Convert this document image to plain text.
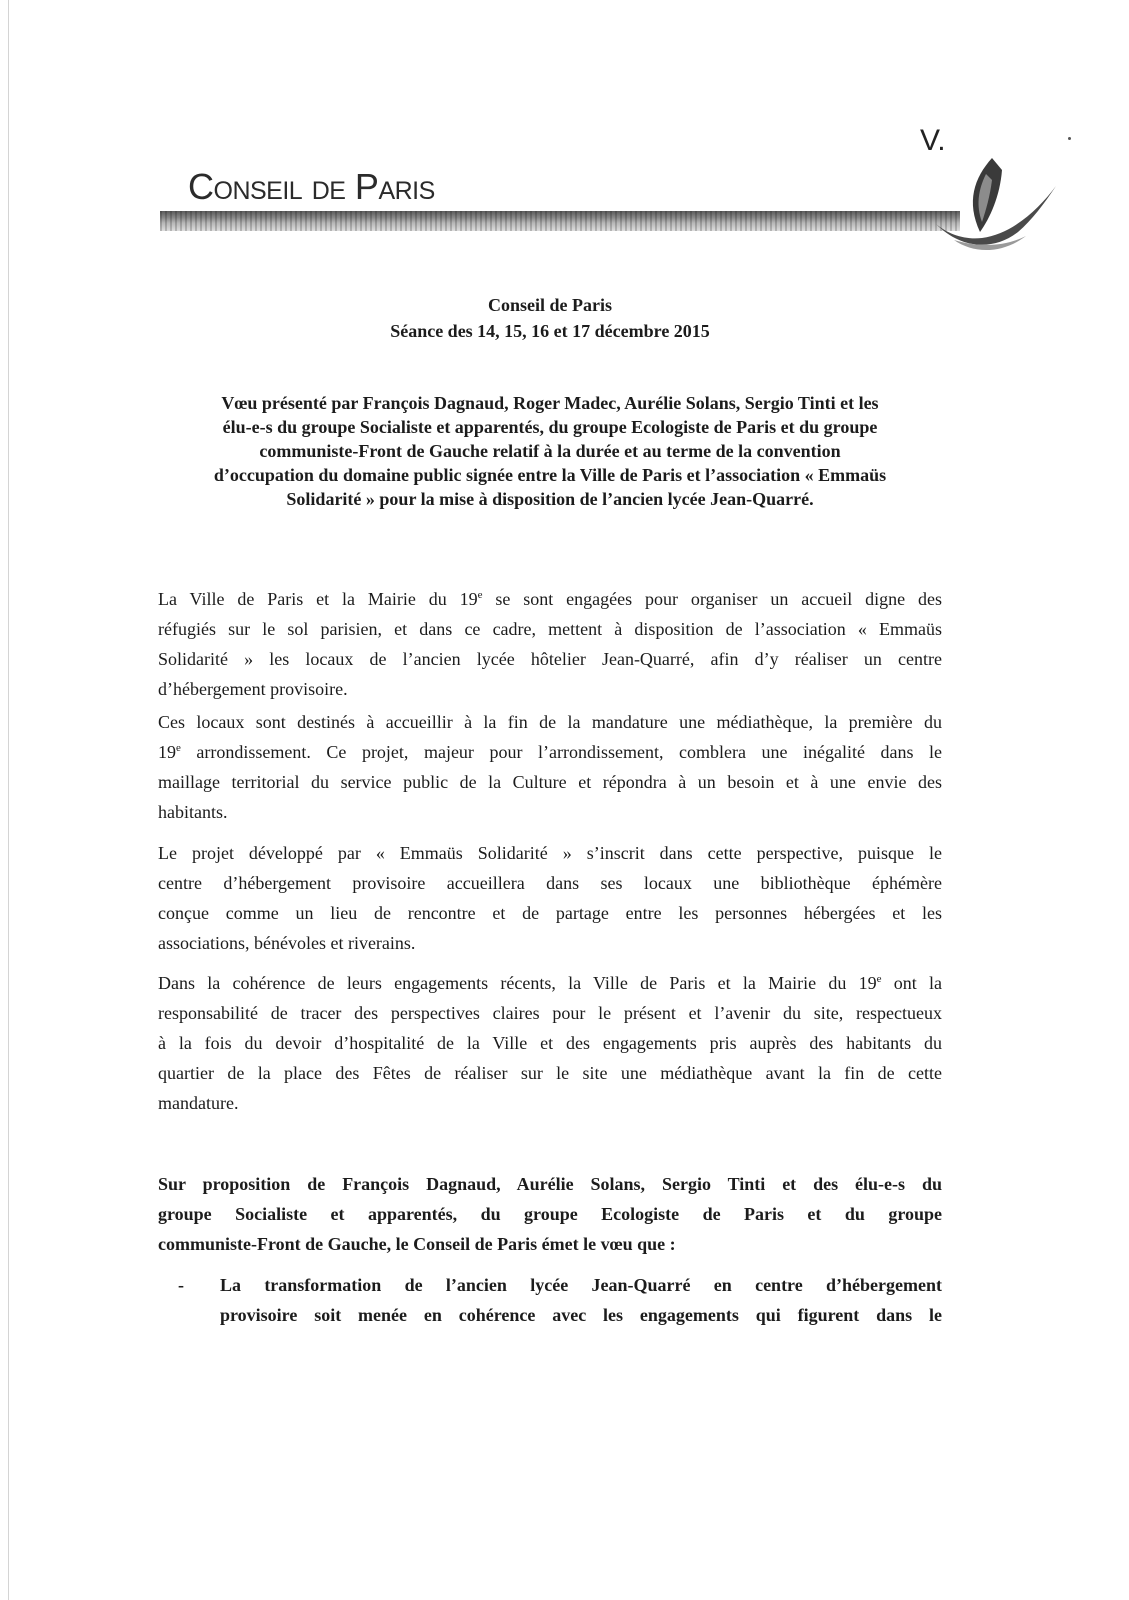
V.
Conseil de Paris
Conseil de Paris
Séance des 14, 15, 16 et 17 décembre 2015
Vœu présenté par François Dagnaud, Roger Madec, Aurélie Solans, Sergio Tinti et les
élu-e-s du groupe Socialiste et apparentés, du groupe Ecologiste de Paris et du groupe
communiste-Front de Gauche relatif à la durée et au terme de la convention
d’occupation du domaine public signée entre la Ville de Paris et l’association « Emmaüs
Solidarité » pour la mise à disposition de l’ancien lycée Jean-Quarré.
La Ville de Paris et la Mairie du 19e se sont engagées pour organiser un accueil digne des
réfugiés sur le sol parisien, et dans ce cadre, mettent à disposition de l’association « Emmaüs
Solidarité » les locaux de l’ancien lycée hôtelier Jean-Quarré, afin d’y réaliser un centre
d’hébergement provisoire.
Ces locaux sont destinés à accueillir à la fin de la mandature une médiathèque, la première du
19e arrondissement. Ce projet, majeur pour l’arrondissement, comblera une inégalité dans le
maillage territorial du service public de la Culture et répondra à un besoin et à une envie des
habitants.
Le projet développé par « Emmaüs Solidarité » s’inscrit dans cette perspective, puisque le
centre d’hébergement provisoire accueillera dans ses locaux une bibliothèque éphémère
conçue comme un lieu de rencontre et de partage entre les personnes hébergées et les
associations, bénévoles et riverains.
Dans la cohérence de leurs engagements récents, la Ville de Paris et la Mairie du 19e ont la
responsabilité de tracer des perspectives claires pour le présent et l’avenir du site, respectueux
à la fois du devoir d’hospitalité de la Ville et des engagements pris auprès des habitants du
quartier de la place des Fêtes de réaliser sur le site une médiathèque avant la fin de cette
mandature.
Sur proposition de François Dagnaud, Aurélie Solans, Sergio Tinti et des élu-e-s du
groupe Socialiste et apparentés, du groupe Ecologiste de Paris et du groupe
communiste-Front de Gauche, le Conseil de Paris émet le vœu que :
- La transformation de l’ancien lycée Jean-Quarré en centre d’hébergement
provisoire soit menée en cohérence avec les engagements qui figurent dans le
